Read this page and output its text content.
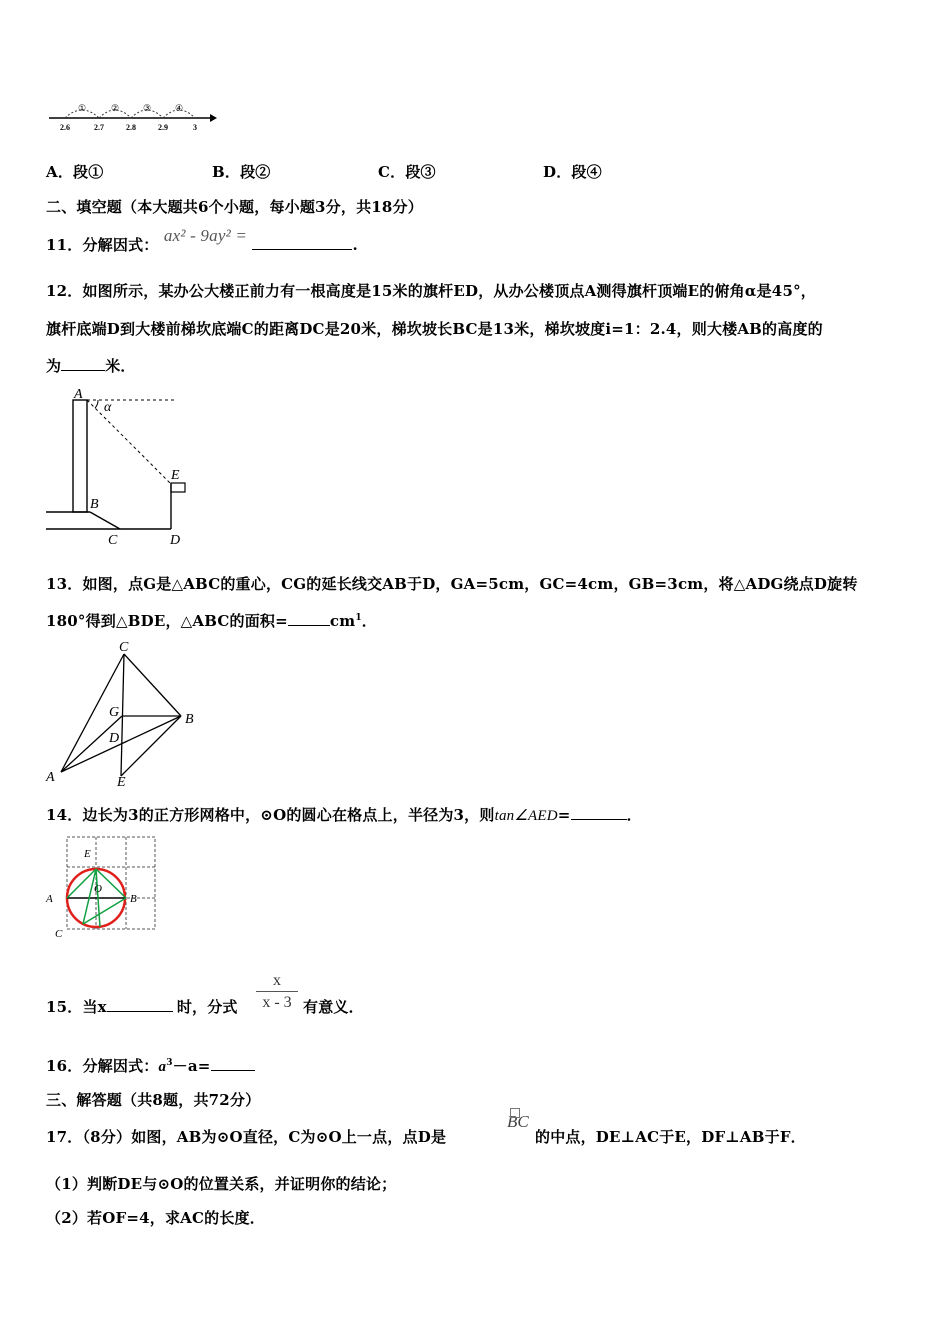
①	②	③	④
2.6	2.7	2.8	2.9	3
A．段①	B．段②	C．段③	D．段④
二、填空题（本大题共6个小题，每小题3分，共18分）
11．分解因式： ax² - 9ay² =	.
12．如图所示，某办公大楼正前力有一根高度是15米的旗杆ED，从办公楼顶点A测得旗杆顶端E的俯角α是45°，
旗杆底端D到大楼前梯坎底端C的距离DC是20米，梯坎坡长BC是13米，梯坎坡度i=1：2.4，则大楼AB的高度的
为	米．
A
α
E
B
C	D
13．如图，点G是△ABC的重心，CG的延长线交AB于D，GA=5cm，GC=4cm，GB=3cm，将△ADG绕点D旋转
180°得到△BDE，△ABC的面积=	$cm^1$．
C
G	B
D
A	E
14．边长为3的正方形网格中，⊙O的圆心在格点上，半径为3，则tan∠AED=	．
E
O
A	B
C
15．当x	时，分式
x
x - 3 有意义．
16．分解因式：$a^3-a=$
三、解答题（共8题，共72分）
17．（8分）如图，AB为⊙O直径，C为⊙O上一点，点D是
BC
的中点，DE⊥AC于E，DF⊥AB于F．
（1）判断DE与⊙O的位置关系，并证明你的结论；
（2）若OF=4，求AC的长度．
